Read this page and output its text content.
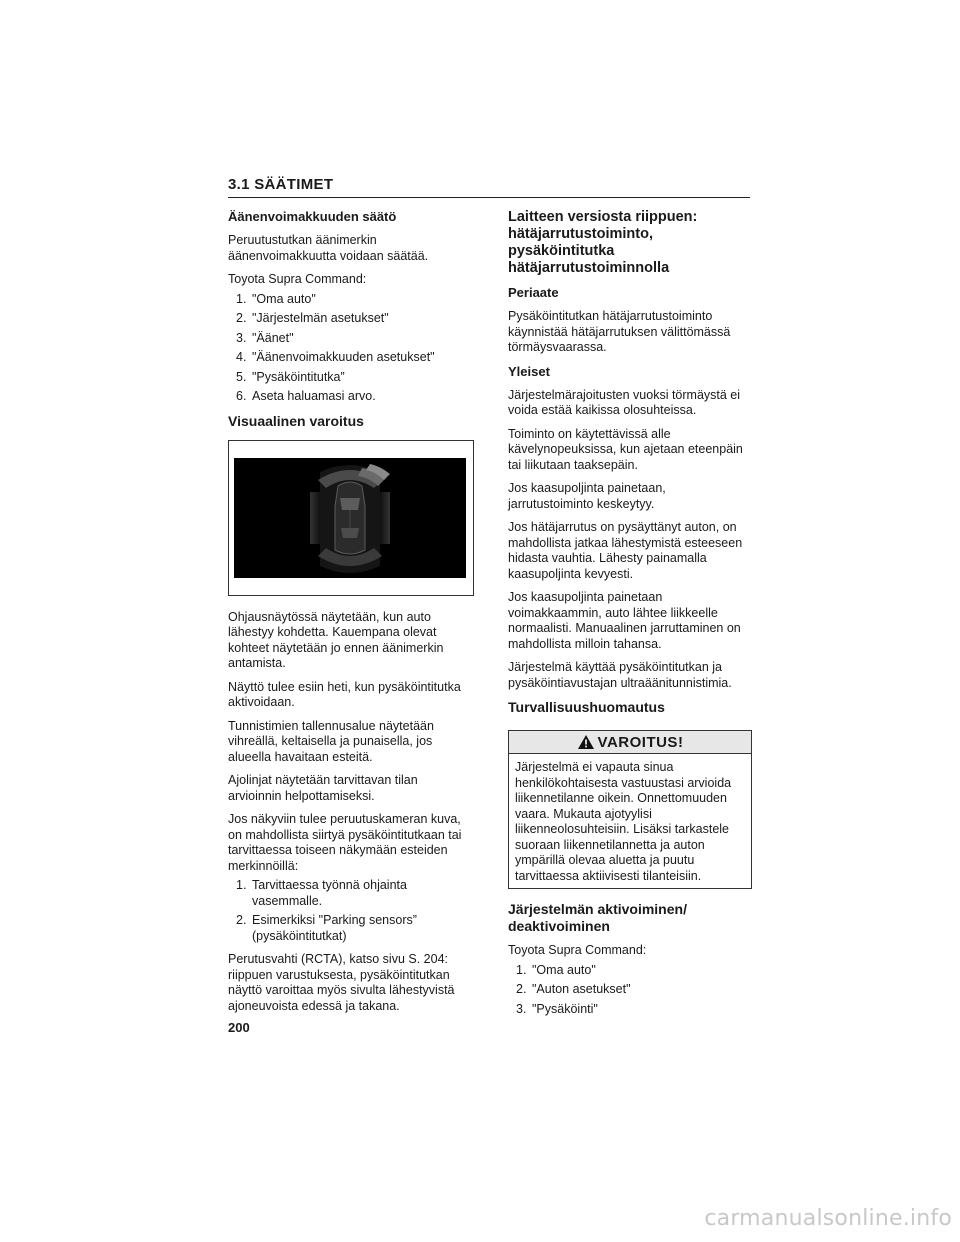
3.1 SÄÄTIMET
Äänenvoimakkuuden säätö

Peruutustutkan äänimerkin äänenvoimakkuutta voidaan säätää.

Toyota Supra Command:

1. "Oma auto"
2. "Järjestelmän asetukset"
3. "Äänet"
4. "Äänenvoimakkuuden asetukset"
5. "Pysäköintitutka”
6. Aseta haluamasi arvo.
Visuaalinen varoitus

Ohjausnäytössä näytetään, kun auto lähestyy kohdetta. Kauempana olevat kohteet näytetään jo ennen äänimerkin antamista.

Näyttö tulee esiin heti, kun pysäköintitutka aktivoidaan.

Tunnistimien tallennusalue näytetään vihreällä, keltaisella ja punaisella, jos alueella havaitaan esteitä.

Ajolinjat näytetään tarvittavan tilan arvioinnin helpottamiseksi.

Jos näkyviin tulee peruutuskameran kuva, on mahdollista siirtyä pysäköintitutkaan tai tarvittaessa toiseen näkymään esteiden merkinnöillä:

1. Tarvittaessa työnnä ohjainta vasemmalle.
2. Esimerkiksi "Parking sensors” (pysäköintitutkat)

Perutusvahti (RCTA), katso sivu S. 204: riippuen varustuksesta, pysäköintitutkan näyttö varoittaa myös sivulta lähestyvistä ajoneuvoista edessä ja takana.

Laitteen versiosta riippuen: hätäjarrutustoiminto, pysäköintitutka hätäjarrutustoiminnolla
Periaate

Pysäköintitutkan hätäjarrutustoiminto käynnistää hätäjarrutuksen välittömässä törmäysvaarassa.

Yleiset

Järjestelmärajoitusten vuoksi törmäystä ei voida estää kaikissa olosuhteissa.

Toiminto on käytettävissä alle kävelynopeuksissa, kun ajetaan eteenpäin tai liikutaan taaksepäin.

Jos kaasupoljinta painetaan, jarrutustoiminto keskeytyy.

Jos hätäjarrutus on pysäyttänyt auton, on mahdollista jatkaa lähestymistä esteeseen hidasta vauhtia. Lähesty painamalla kaasupoljinta kevyesti.

Jos kaasupoljinta painetaan voimakkaammin, auto lähtee liikkeelle normaalisti. Manuaalinen jarruttaminen on mahdollista milloin tahansa.

Järjestelmä käyttää pysäköintitutkan ja pysäköintiavustajan ultraäänitunnistimia.

Turvallisuushuomautus
VAROITUS!
Järjestelmä ei vapauta sinua henkilökohtaisesta vastuustasi arvioida liikennetilanne oikein. Onnettomuuden vaara. Mukauta ajotyylisi liikenneolosuhteisiin. Lisäksi tarkastele suoraan liikennetilannetta ja auton ympärillä olevaa aluetta ja puutu tarvittaessa aktiivisesti tilanteisiin.
Järjestelmän aktivoiminen/ deaktivoiminen

Toyota Supra Command:

1. "Oma auto"
2. "Auton asetukset"
3. "Pysäköinti"
200
carmanualsonline.info
